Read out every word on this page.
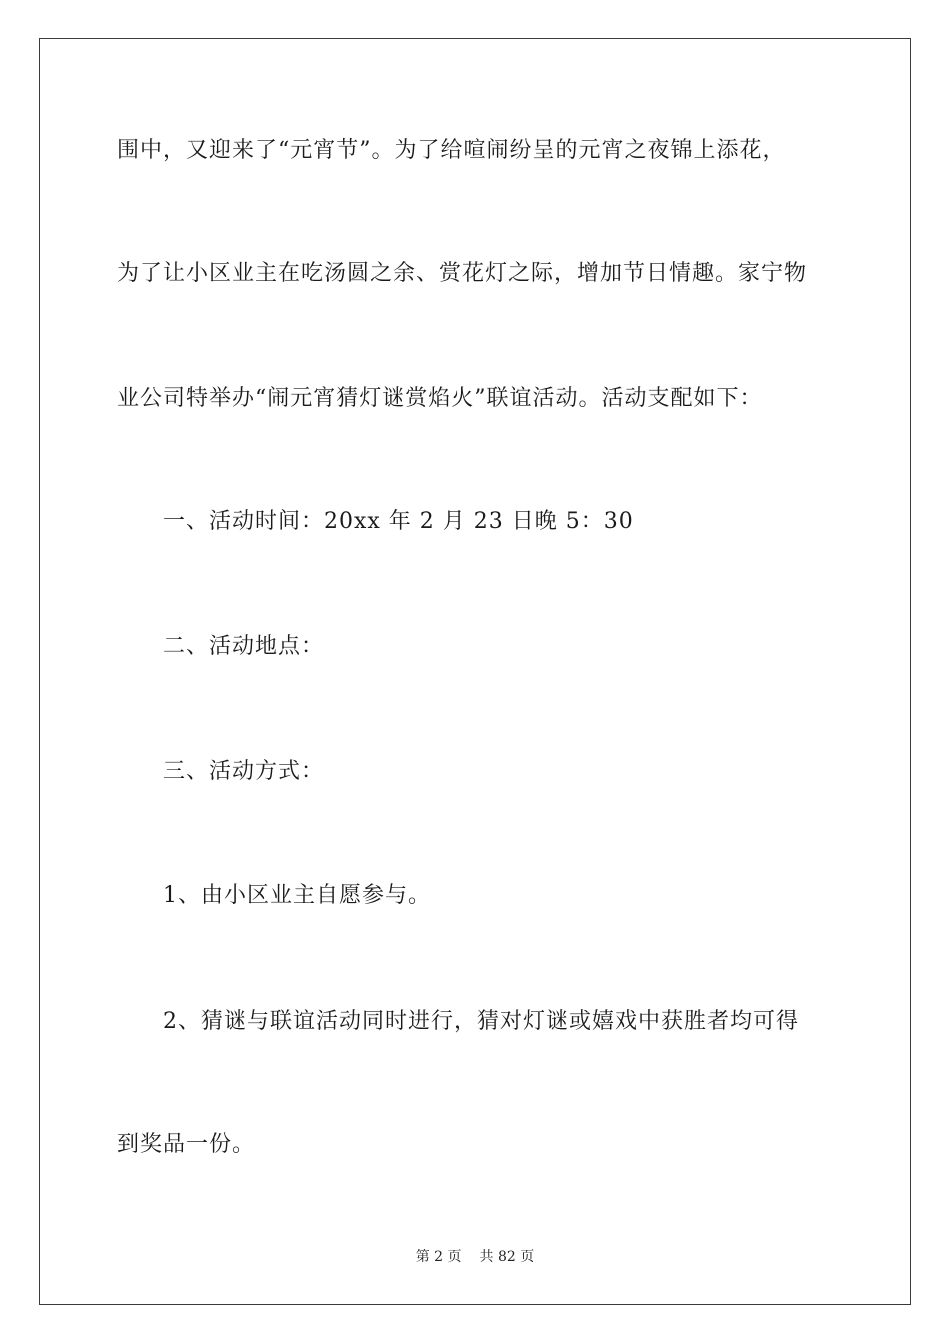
围中，又迎来了“元宵节”。为了给喧闹纷呈的元宵之夜锦上添花，
为了让小区业主在吃汤圆之余、赏花灯之际，增加节日情趣。家宁物
业公司特举办“闹元宵猜灯谜赏焰火”联谊活动。活动支配如下：
一、活动时间：20xx 年 2 月 23 日晚 5：30
二、活动地点：
三、活动方式：
1、由小区业主自愿参与。
2、猜谜与联谊活动同时进行，猜对灯谜或嬉戏中获胜者均可得
到奖品一份。
第 2 页 共 82 页
